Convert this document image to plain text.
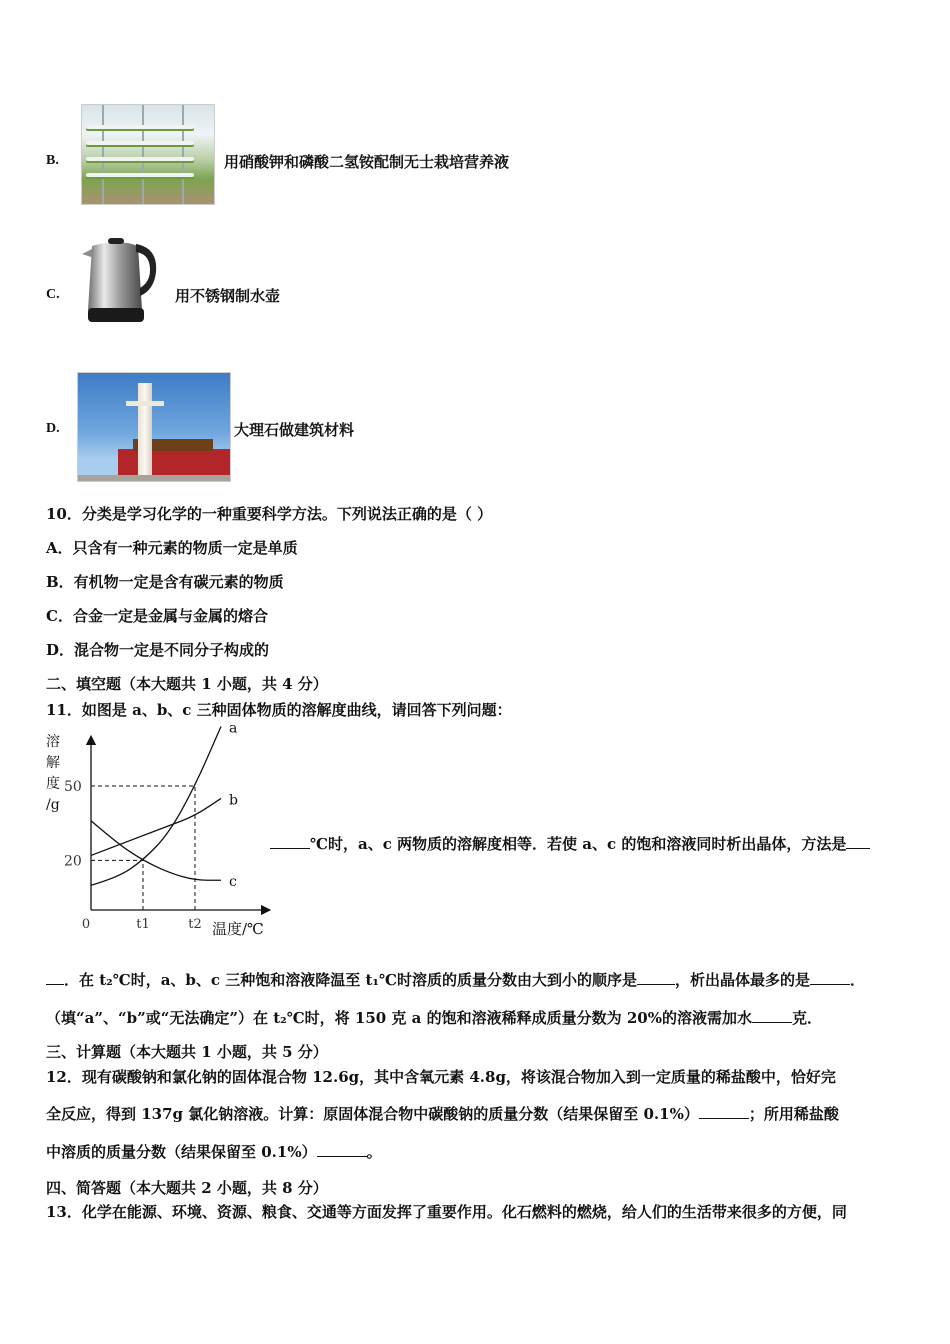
B.	用硝酸钾和磷酸二氢铵配制无士栽培营养液
C.	用不锈钢制水壶
D.	大理石做建筑材料
10．分类是学习化学的一种重要科学方法。下列说法正确的是（ ）
A．只含有一种元素的物质一定是单质
B．有机物一定是含有碳元素的物质
C．合金一定是金属与金属的熔合
D．混合物一定是不同分子构成的
二、填空题（本大题共 1 小题，共 4 分）
11．如图是 a、b、c 三种固体物质的溶解度曲线，请回答下列问题：
溶
解
度
/g
20
50
0	t1	t2 温度/℃
a
b
c
℃时，a、c 两物质的溶解度相等．若使 a、c 的饱和溶液同时析出晶体，方法是
．在 t₂℃时，a、b、c 三种饱和溶液降温至 t₁℃时溶质的质量分数由大到小的顺序是	，析出晶体最多的是	．
（填“a”、“b”或“无法确定”）在 t₂℃时，将 150 克 a 的饱和溶液稀释成质量分数为 20%的溶液需加水	克．
三、计算题（本大题共 1 小题，共 5 分）
12．现有碳酸钠和氯化钠的固体混合物 12.6g，其中含氧元素 4.8g，将该混合物加入到一定质量的稀盐酸中，恰好完
全反应，得到 137g 氯化钠溶液。计算：原固体混合物中碳酸钠的质量分数（结果保留至 0.1%）	；所用稀盐酸
中溶质的质量分数（结果保留至 0.1%）	。
四、简答题（本大题共 2 小题，共 8 分）
13．化学在能源、环境、资源、粮食、交通等方面发挥了重要作用。化石燃料的燃烧，给人们的生活带来很多的方便，同
